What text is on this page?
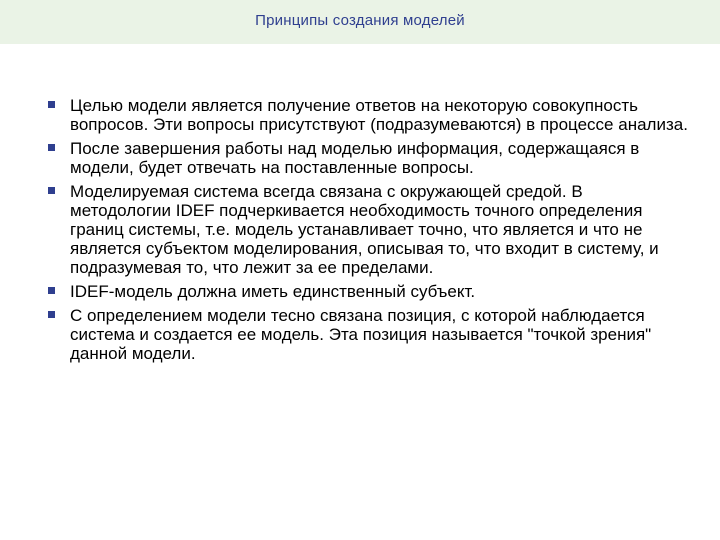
Принципы создания моделей
Целью модели является получение ответов на некоторую совокупность вопросов. Эти вопросы присутствуют (подразумеваются) в процессе анализа.
После завершения работы над моделью информация, содержащаяся в модели, будет отвечать на поставленные вопросы.
Моделируемая система всегда связана с окружающей средой. В методологии IDEF подчеркивается необходимость точного определения границ системы, т.е. модель устанавливает точно, что является и что не является субъектом моделирования, описывая то, что входит в систему, и подразумевая то, что лежит за ее пределами.
IDEF-модель должна иметь единственный субъект.
С определением модели тесно связана позиция, с которой наблюдается система и создается ее модель. Эта позиция называется "точкой зрения" данной модели.
